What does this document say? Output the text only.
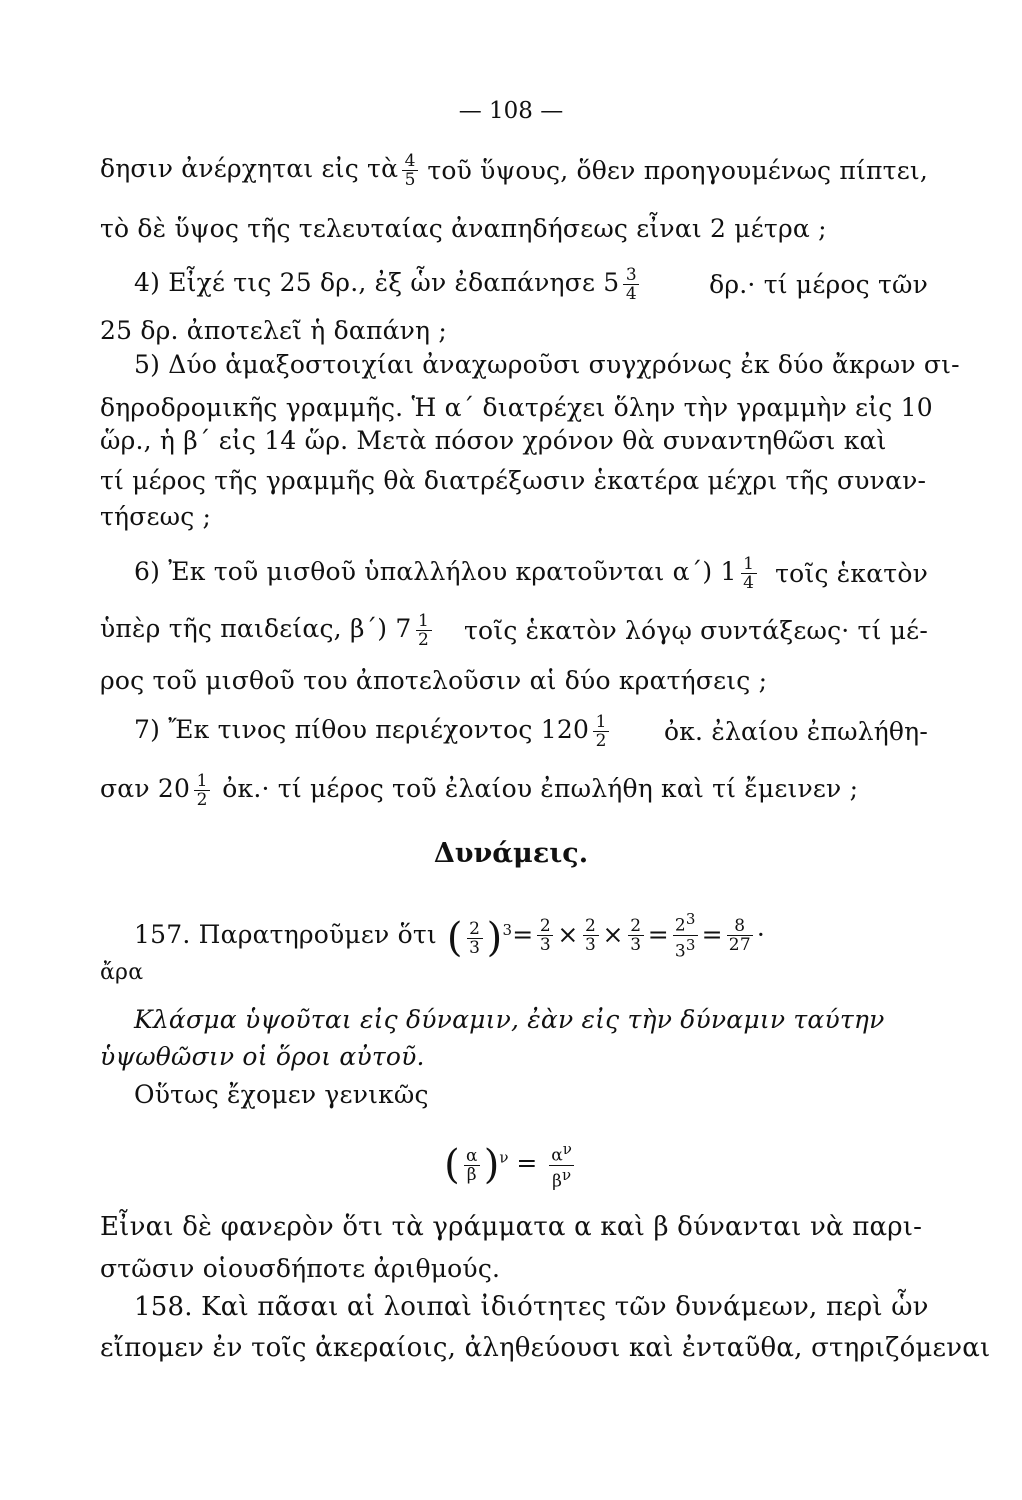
— 108 —
δησιν ἀνέρχηται εἰς τὰ $\frac{4}{5}$ τοῦ ὕψους, ὅθεν προηγουμένως πίπτει,
τὸ δὲ ὕψος τῆς τελευταίας ἀναπηδήσεως εἶναι 2 μέτρα ;
4) Εἶχέ τις 25 δρ., ἐξ ὧν ἐδαπάνησε $5 \frac{3}{4}$	δρ.· τί μέρος τῶν
25 δρ. ἀποτελεῖ ἡ δαπάνη ;
5) Δύο ἁμαξοστοιχίαι ἀναχωροῦσι συγχρόνως ἐκ δύο ἄκρων σι-
δηροδρομικῆς γραμμῆς. Ἡ α΄ διατρέχει ὅλην τὴν γραμμὴν εἰς 10
ὥρ., ἡ β΄ εἰς 14 ὥρ. Μετὰ πόσον χρόνον θὰ συναντηθῶσι καὶ
τί μέρος τῆς γραμμῆς θὰ διατρέξωσιν ἑκατέρα μέχρι τῆς συναν-
τήσεως ;
6) Ἐκ τοῦ μισθοῦ ὑπαλλήλου κρατοῦνται α΄) $1 \frac{1}{4}$ τοῖς ἑκατὸν
ὑπὲρ τῆς παιδείας, β΄) $7 \frac{1}{2}$ τοῖς ἑκατὸν λόγῳ συντάξεως· τί μέ-
ρος τοῦ μισθοῦ του ἀποτελοῦσιν αἱ δύο κρατήσεις ;
7) Ἔκ τινος πίθου περιέχοντος $120 \frac{1}{2}$ ὀκ. ἐλαίου ἐπωλήθη-
σαν $20 \frac{1}{2}$ ὀκ.· τί μέρος τοῦ ἐλαίου ἐπωλήθη καὶ τί ἔμεινεν ;
Δυνάμεις.
157. Παρατηροῦμεν ὅτι ( $\frac{2}{3} )^3 = \frac{2}{3} \times \frac{2}{3} \times \frac{2}{3} = \frac{2^3}{3^3} = \frac{8}{27}$ ·
ἄρα
Κλάσμα ὑψοῦται εἰς δύναμιν, ἐὰν εἰς τὴν δύναμιν ταύτην
ὑψωθῶσιν οἱ ὅροι αὐτοῦ.
Οὕτως ἔχομεν γενικῶς
( $\frac{\alpha}{\beta} )^\nu = \frac{\alpha^\nu}{\beta^\nu}$
Εἶναι δὲ φανερὸν ὅτι τὰ γράμματα α καὶ β δύνανται νὰ παρι-
στῶσιν οἱουσδήποτε ἀριθμούς.
158. Καὶ πᾶσαι αἱ λοιπαὶ ἰδιότητες τῶν δυνάμεων, περὶ ὧν
εἴπομεν ἐν τοῖς ἀκεραίοις, ἀληθεύουσι καὶ ἐνταῦθα, στηριζόμεναι
